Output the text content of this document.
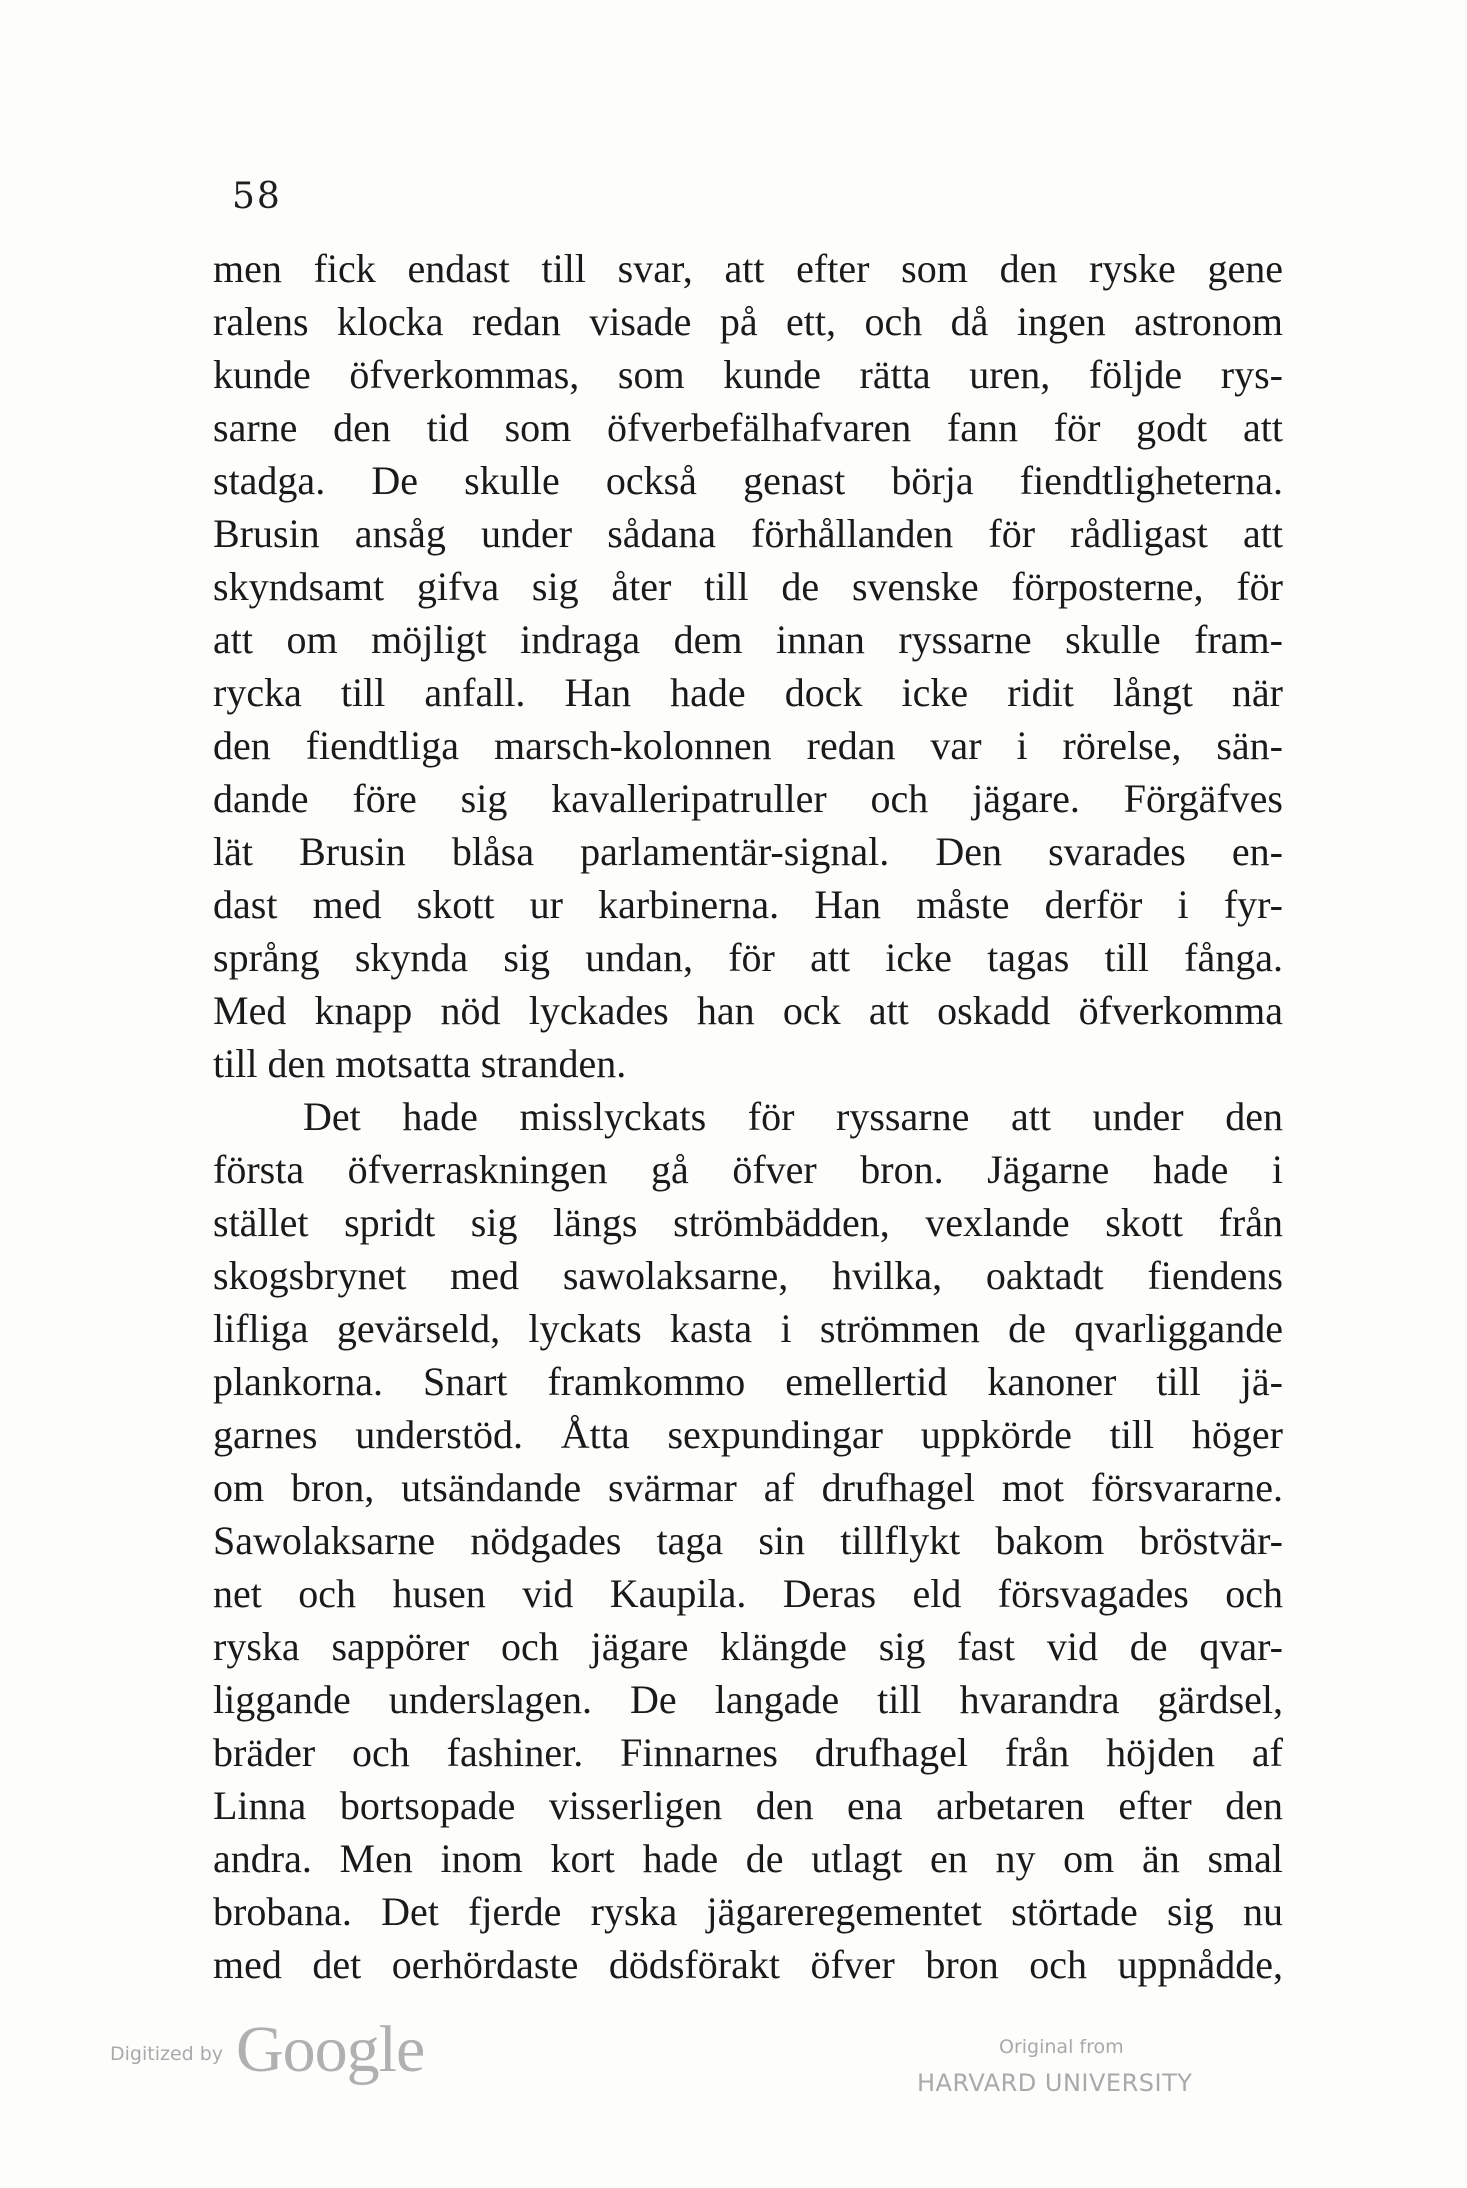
58
men fick endast till svar, att efter som den ryske gene
ralens klocka redan visade på ett, och då ingen astronom
kunde öfverkommas, som kunde rätta uren, följde rys-
sarne den tid som öfverbefälhafvaren fann för godt att
stadga. De skulle också genast börja fiendtligheterna.
Brusin ansåg under sådana förhållanden för rådligast att
skyndsamt gifva sig åter till de svenske förposterne, för
att om möjligt indraga dem innan ryssarne skulle fram-
rycka till anfall. Han hade dock icke ridit långt när
den fiendtliga marsch-kolonnen redan var i rörelse, sän-
dande före sig kavalleripatruller och jägare. Förgäfves
lät Brusin blåsa parlamentär-signal. Den svarades en-
dast med skott ur karbinerna. Han måste derför i fyr-
språng skynda sig undan, för att icke tagas till fånga.
Med knapp nöd lyckades han ock att oskadd öfverkomma
till den motsatta stranden.
Det hade misslyckats för ryssarne att under den
första öfverraskningen gå öfver bron. Jägarne hade i
stället spridt sig längs strömbädden, vexlande skott från
skogsbrynet med sawolaksarne, hvilka, oaktadt fiendens
lifliga gevärseld, lyckats kasta i strömmen de qvarliggande
plankorna. Snart framkommo emellertid kanoner till jä-
garnes understöd. Åtta sexpundingar uppkörde till höger
om bron, utsändande svärmar af drufhagel mot försvararne.
Sawolaksarne nödgades taga sin tillflykt bakom bröstvär-
net och husen vid Kaupila. Deras eld försvagades och
ryska sappörer och jägare klängde sig fast vid de qvar-
liggande underslagen. De langade till hvarandra gärdsel,
bräder och fashiner. Finnarnes drufhagel från höjden af
Linna bortsopade visserligen den ena arbetaren efter den
andra. Men inom kort hade de utlagt en ny om än smal
brobana. Det fjerde ryska jägareregementet störtade sig nu
med det oerhördaste dödsförakt öfver bron och uppnådde,
Digitized by Google	Original from
HARVARD UNIVERSITY
